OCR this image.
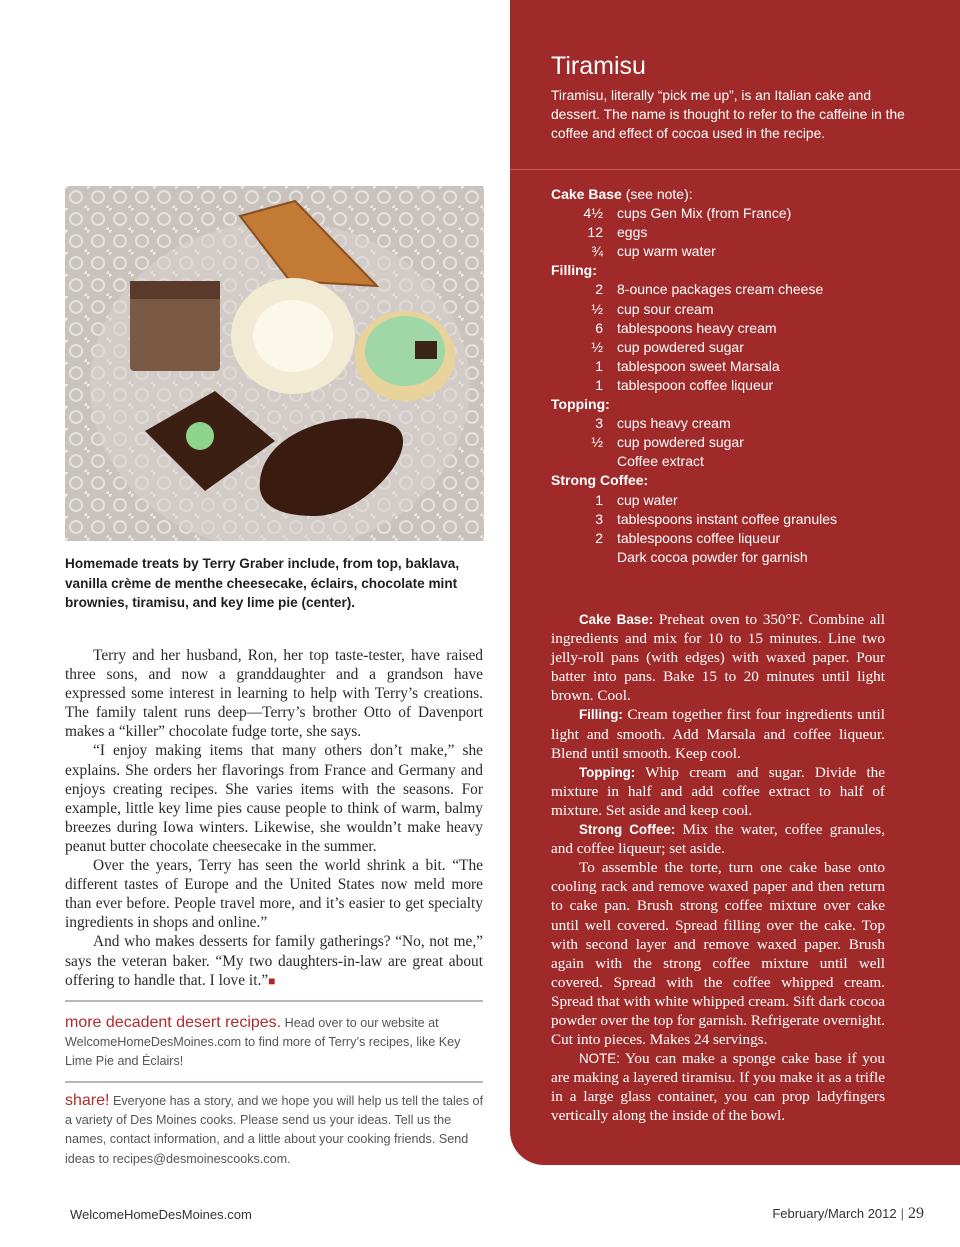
Homemade treats by Terry Graber include, from top, baklava, vanilla crème de menthe cheesecake, éclairs, chocolate mint brownies, tiramisu, and key lime pie (center).

Terry and her husband, Ron, her top taste-tester, have raised three sons, and now a granddaughter and a grandson have expressed some interest in learning to help with Terry’s creations. The family talent runs deep—Terry’s brother Otto of Davenport makes a “killer” chocolate fudge torte, she says.

“I enjoy making items that many others don’t make,” she explains. She orders her flavorings from France and Germany and enjoys creating recipes. She varies items with the seasons. For example, little key lime pies cause people to think of warm, balmy breezes during Iowa winters. Likewise, she wouldn’t make heavy peanut butter chocolate cheesecake in the summer.

Over the years, Terry has seen the world shrink a bit. “The different tastes of Europe and the United States now meld more than ever before. People travel more, and it’s easier to get specialty ingredients in shops and online.”

And who makes desserts for family gatherings? “No, not me,” says the veteran baker. “My two daughters-in-law are great about offering to handle that. I love it.”■

more decadent desert recipes. Head over to our website at WelcomeHomeDesMoines.com to find more of Terry’s recipes, like Key Lime Pie and Éclairs!
share! Everyone has a story, and we hope you will help us tell the tales of a variety of Des Moines cooks. Please send us your ideas. Tell us the names, contact information, and a little about your cooking friends. Send ideas to recipes@desmoinescooks.com.
Tiramisu

Tiramisu, literally “pick me up”, is an Italian cake and dessert. The name is thought to refer to the caffeine in the coffee and effect of cocoa used in the recipe.

Cake Base (see note):
4½	cups Gen Mix (from France)
12	eggs
¾	cup warm water
Filling:
2	8-ounce packages cream cheese
½	cup sour cream
6	tablespoons heavy cream
½	cup powdered sugar
1	tablespoon sweet Marsala
1	tablespoon coffee liqueur
Topping:
3	cups heavy cream
½	cup powdered sugar
Coffee extract
Strong Coffee:
1	cup water
3	tablespoons instant coffee granules
2	tablespoons coffee liqueur
Dark cocoa powder for garnish

Cake Base: Preheat oven to 350°F. Combine all ingredients and mix for 10 to 15 minutes. Line two jelly-roll pans (with edges) with waxed paper. Pour batter into pans. Bake 15 to 20 minutes until light brown. Cool.

Filling: Cream together first four ingredients until light and smooth. Add Marsala and coffee liqueur. Blend until smooth. Keep cool.

Topping: Whip cream and sugar. Divide the mixture in half and add coffee extract to half of mixture. Set aside and keep cool.

Strong Coffee: Mix the water, coffee granules, and coffee liqueur; set aside.

To assemble the torte, turn one cake base onto cooling rack and remove waxed paper and then return to cake pan. Brush strong coffee mixture over cake until well covered. Spread filling over the cake. Top with second layer and remove waxed paper. Brush again with the strong coffee mixture until well covered. Spread with the coffee whipped cream. Spread that with white whipped cream. Sift dark cocoa powder over the top for garnish. Refrigerate overnight. Cut into pieces. Makes 24 servings.

NOTE: You can make a sponge cake base if you are making a layered tiramisu. If you make it as a trifle in a large glass container, you can prop ladyfingers vertically along the inside of the bowl.

WelcomeHomeDesMoines.com	February/March 2012 | 29
